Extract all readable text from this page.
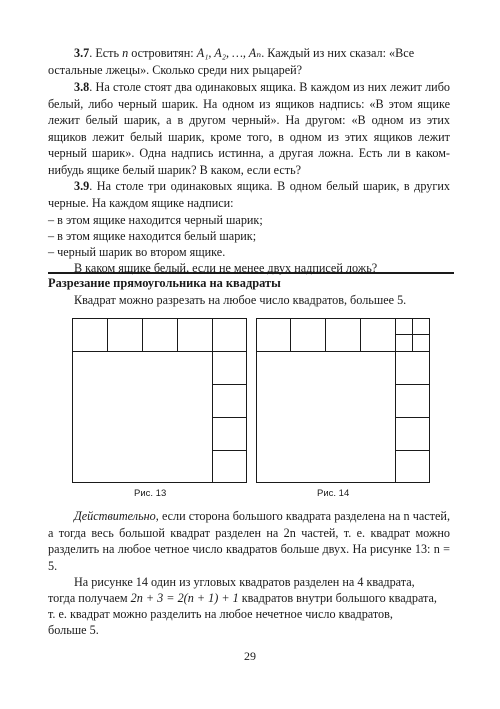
3.7. Есть n островитян: A₁, A₂, …, Aₙ. Каждый из них сказал: «Все
остальные лжецы». Сколько среди них рыцарей?

3.8. На столе стоят два одинаковых ящика. В каждом из них лежит либо белый, либо черный шарик. На одном из ящиков надпись: «В этом ящике лежит белый шарик, а в другом черный». На другом: «В одном из этих ящиков лежит белый шарик, кроме того, в одном из этих ящиков лежит черный шарик». Одна надпись истинна, а другая ложна. Есть ли в каком-нибудь ящике белый шарик? В каком, если есть?

3.9. На столе три одинаковых ящика. В одном белый шарик, в других черные. На каждом ящике надписи:

– в этом ящике находится черный шарик;
– в этом ящике находится белый шарик;
– черный шарик во втором ящике.
В каком ящике белый, если не менее двух надписей ложь?
Разрезание прямоугольника на квадраты
Квадрат можно разрезать на любое число квадратов, большее 5.
Рис. 13	Рис. 14

Действительно, если сторона большого квадрата разделена на n частей, а тогда весь большой квадрат разделен на 2n частей, т. е. квадрат можно разделить на любое четное число квадратов больше двух. На рисунке 13: n = 5.

На рисунке 14 один из угловых квадратов разделен на 4 квадрата,
тогда получаем 2n + 3 = 2(n + 1) + 1 квадратов внутри большого квадрата,
т. е. квадрат можно разделить на любое нечетное число квадратов,
больше 5.
29
